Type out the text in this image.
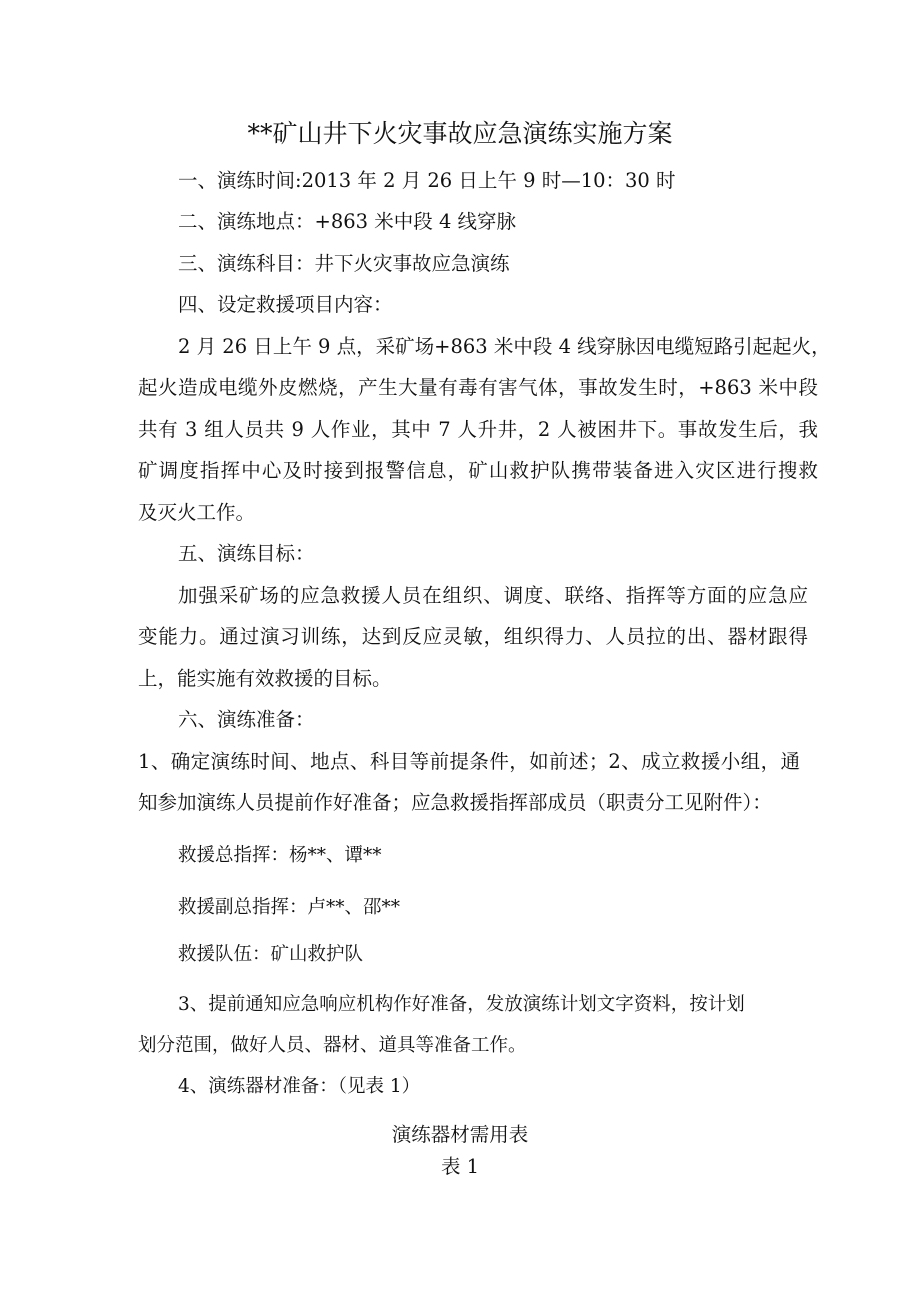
**矿山井下火灾事故应急演练实施方案
一、演练时间:2013 年 2 月 26 日上午 9 时—10：30 时
二、演练地点：+863 米中段 4 线穿脉
三、演练科目：井下火灾事故应急演练
四、设定救援项目内容：
2 月 26 日上午 9 点，采矿场+863 米中段 4 线穿脉因电缆短路引起起火，
起火造成电缆外皮燃烧，产生大量有毒有害气体，事故发生时，+863 米中段
共有 3 组人员共 9 人作业，其中 7 人升井，2 人被困井下。事故发生后，我
矿调度指挥中心及时接到报警信息，矿山救护队携带装备进入灾区进行搜救
及灭火工作。
五、演练目标：
加强采矿场的应急救援人员在组织、调度、联络、指挥等方面的应急应
变能力。通过演习训练，达到反应灵敏，组织得力、人员拉的出、器材跟得
上，能实施有效救援的目标。
六、演练准备：
1、确定演练时间、地点、科目等前提条件，如前述；2、成立救援小组，通
知参加演练人员提前作好准备；应急救援指挥部成员（职责分工见附件）：
救援总指挥：杨**、谭**
救援副总指挥：卢**、邵**
救援队伍：矿山救护队
3、提前通知应急响应机构作好准备，发放演练计划文字资料，按计划
划分范围，做好人员、器材、道具等准备工作。
4、演练器材准备：（见表 1）
演练器材需用表
表 1
